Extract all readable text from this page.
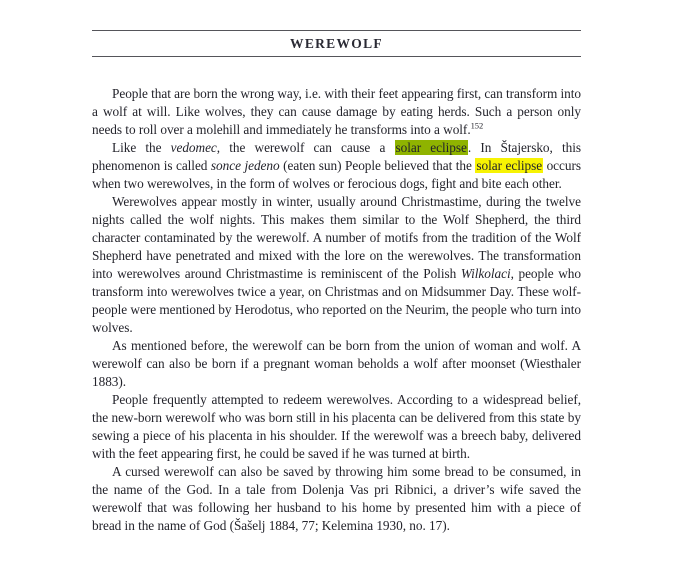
WEREWOLF

People that are born the wrong way, i.e. with their feet appearing first, can transform into a wolf at will. Like wolves, they can cause damage by eating herds. Such a person only needs to roll over a molehill and immediately he transforms into a wolf.$^{152}$

Like the vedomec, the werewolf can cause a solar eclipse. In Štajersko, this phenomenon is called sonce jedeno (eaten sun) People believed that the solar eclipse occurs when two werewolves, in the form of wolves or ferocious dogs, fight and bite each other.

Werewolves appear mostly in winter, usually around Christmastime, during the twelve nights called the wolf nights. This makes them similar to the Wolf Shepherd, the third character contaminated by the werewolf. A number of motifs from the tradition of the Wolf Shepherd have penetrated and mixed with the lore on the werewolves. The transformation into werewolves around Christmastime is reminiscent of the Polish Wilkolaci, people who transform into werewolves twice a year, on Christmas and on Midsummer Day. These wolf-people were mentioned by Herodotus, who reported on the Neurim, the people who turn into wolves.

As mentioned before, the werewolf can be born from the union of woman and wolf. A werewolf can also be born if a pregnant woman beholds a wolf after moonset (Wiesthaler 1883).

People frequently attempted to redeem werewolves. According to a widespread belief, the new-born werewolf who was born still in his placenta can be delivered from this state by sewing a piece of his placenta in his shoulder. If the werewolf was a breech baby, delivered with the feet appearing first, he could be saved if he was turned at birth.

A cursed werewolf can also be saved by throwing him some bread to be consumed, in the name of the God. In a tale from Dolenja Vas pri Ribnici, a driver’s wife saved the werewolf that was following her husband to his home by presented him with a piece of bread in the name of God (Šašelj 1884, 77; Kelemina 1930, no. 17).
